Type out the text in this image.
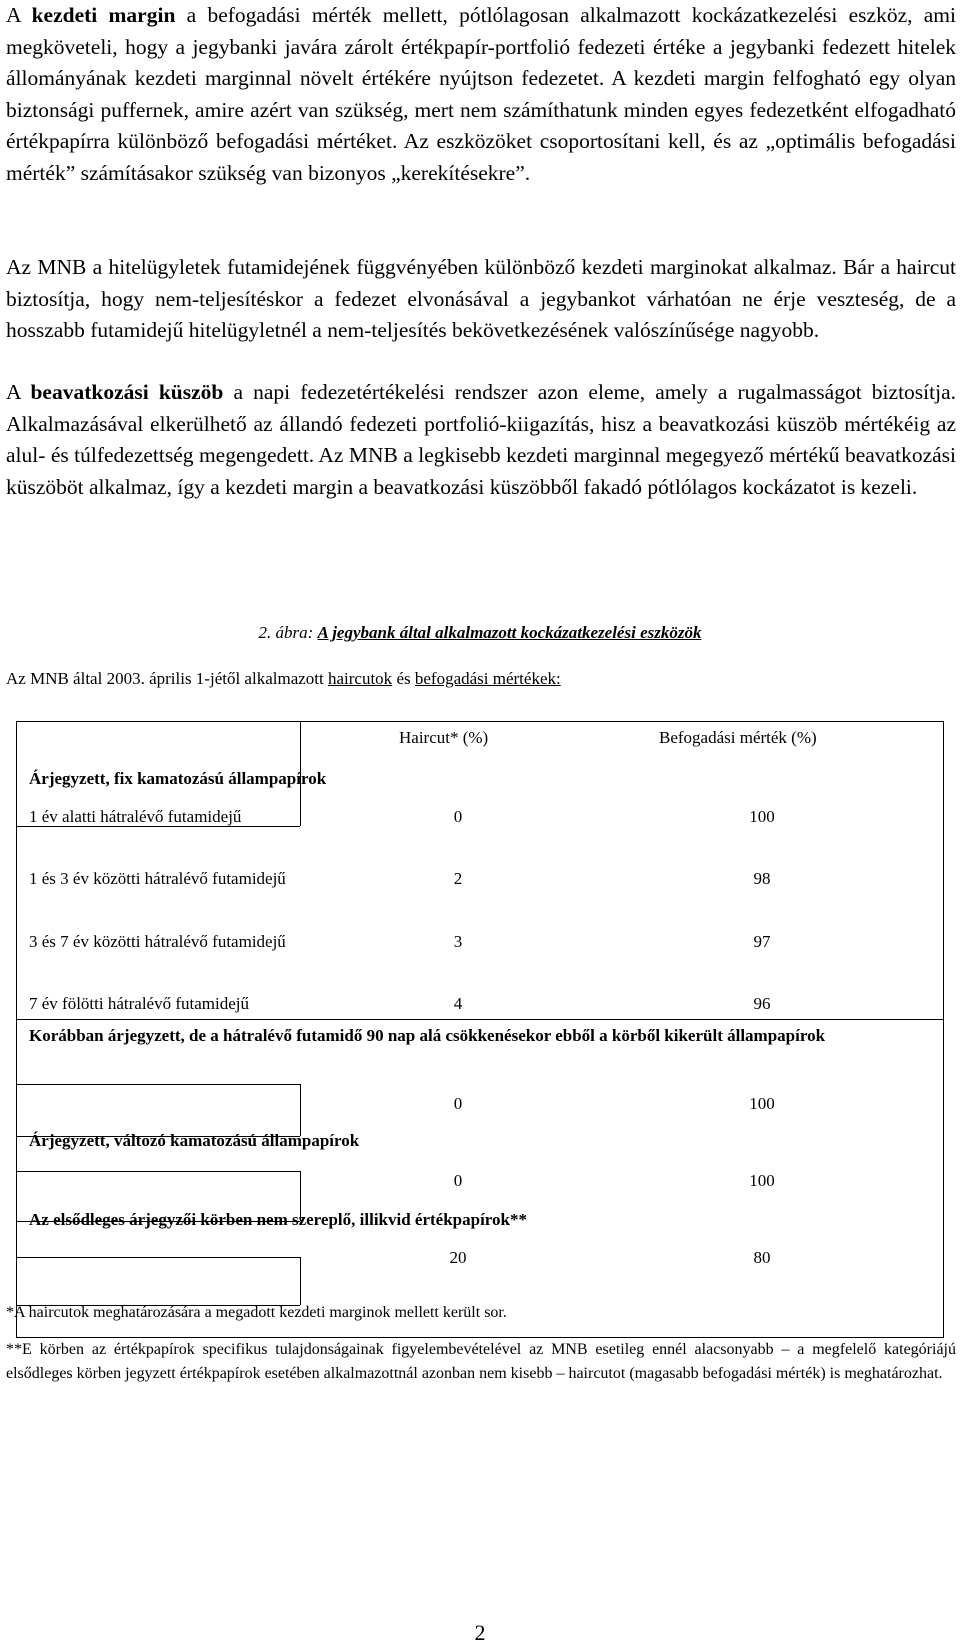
A kezdeti margin a befogadási mérték mellett, pótlólagosan alkalmazott kockázatkezelési eszköz, ami megköveteli, hogy a jegybanki javára zárolt értékpapír-portfolió fedezeti értéke a jegybanki fedezett hitelek állományának kezdeti marginnal növelt értékére nyújtson fedezetet. A kezdeti margin felfogható egy olyan biztonsági puffernek, amire azért van szükség, mert nem számíthatunk minden egyes fedezetként elfogadható értékpapírra különböző befogadási mértéket. Az eszközöket csoportosítani kell, és az „optimális befogadási mérték” számításakor szükség van bizonyos „kerekítésekre”.

Az MNB a hitelügyletek futamidejének függvényében különböző kezdeti marginokat alkalmaz. Bár a haircut biztosítja, hogy nem-teljesítéskor a fedezet elvonásával a jegybankot várhatóan ne érje veszteség, de a hosszabb futamidejű hitelügyletnél a nem-teljesítés bekövetkezésének valószínűsége nagyobb.

A beavatkozási küszöb a napi fedezetértékelési rendszer azon eleme, amely a rugalmasságot biztosítja. Alkalmazásával elkerülhető az állandó fedezeti portfolió-kiigazítás, hisz a beavatkozási küszöb mértékéig az alul- és túlfedezettség megengedett. Az MNB a legkisebb kezdeti marginnal megegyező mértékű beavatkozási küszöböt alkalmaz, így a kezdeti margin a beavatkozási küszöbből fakadó pótlólagos kockázatot is kezeli.

2. ábra: A jegybank által alkalmazott kockázatkezelési eszközök
Az MNB által 2003. április 1-jétől alkalmazott haircutok és befogadási mértékek:
Haircut* (%)	Befogadási mérték (%)
Árjegyzett, fix kamatozású állampapírok
1 év alatti hátralévő futamidejű	0	100
1 és 3 év közötti hátralévő futamidejű	2	98
3 és 7 év közötti hátralévő futamidejű	3	97
7 év fölötti hátralévő futamidejű	4	96
Korábban árjegyzett, de a hátralévő futamidő 90 nap alá csökkenésekor ebből a körből kikerült állampapírok
0	100
Árjegyzett, változó kamatozású állampapírok
0	100
Az elsődleges árjegyzői körben nem szereplő, illikvid értékpapírok**
20	80

*A haircutok meghatározására a megadott kezdeti marginok mellett került sor.

**E körben az értékpapírok specifikus tulajdonságainak figyelembevételével az MNB esetileg ennél alacsonyabb – a megfelelő kategóriájú elsődleges körben jegyzett értékpapírok esetében alkalmazottnál azonban nem kisebb – haircutot (magasabb befogadási mérték) is meghatározhat.

2
